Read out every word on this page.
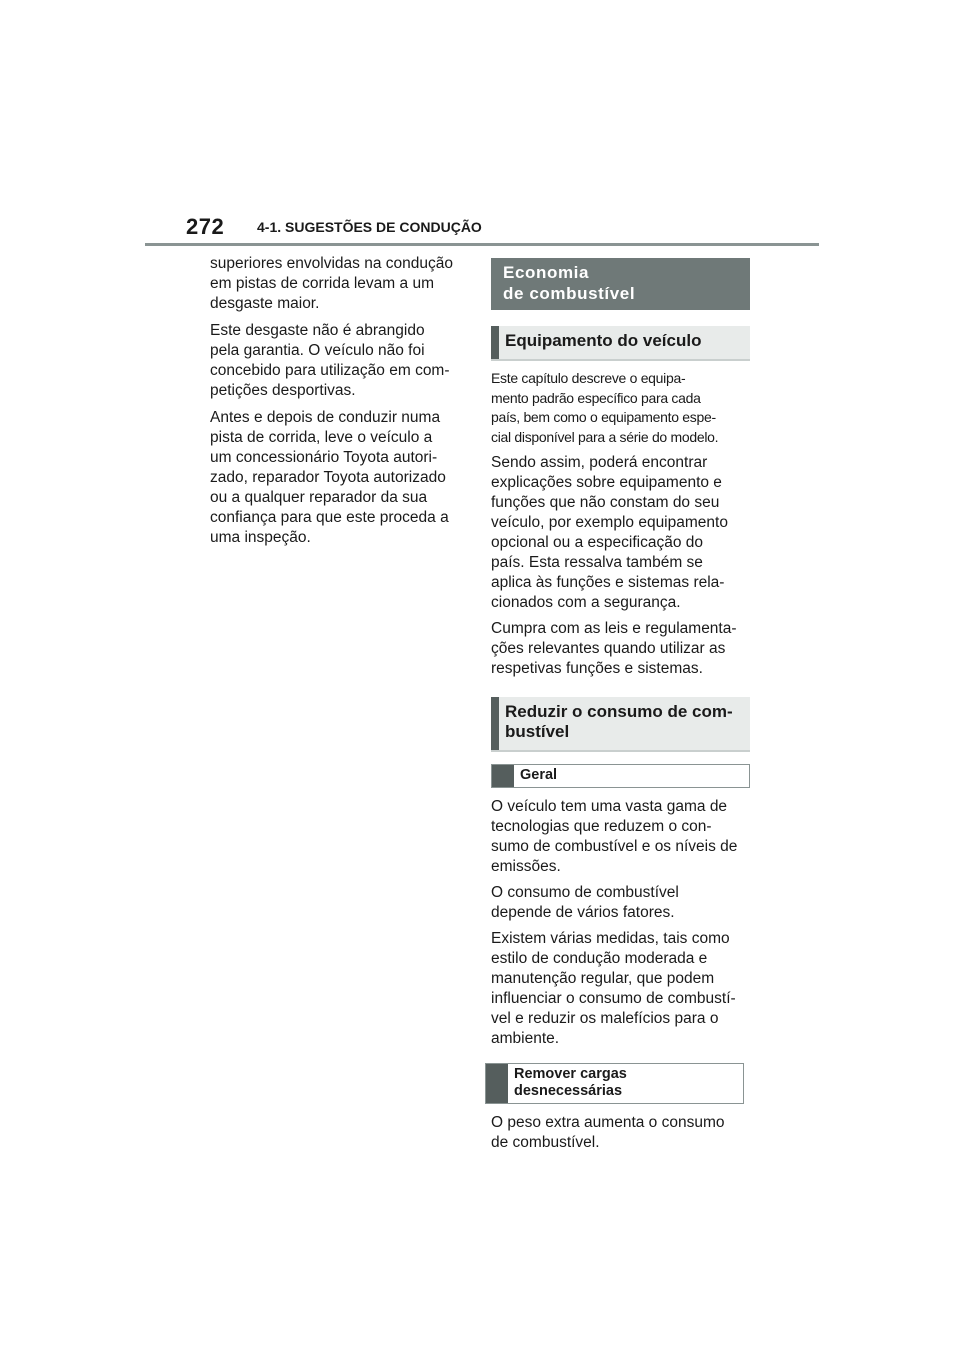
272 4-1. SUGESTÕES DE CONDUÇÃO

superiores envolvidas na condução
em pistas de corrida levam a um
desgaste maior.

Este desgaste não é abrangido
pela garantia. O veículo não foi
concebido para utilização em com-
petições desportivas.

Antes e depois de conduzir numa
pista de corrida, leve o veículo a
um concessionário Toyota autori-
zado, reparador Toyota autorizado
ou a qualquer reparador da sua
confiança para que este proceda a
uma inspeção.

Economia
de combustível
Equipamento do veículo

Este capítulo descreve o equipa-
mento padrão específico para cada
país, bem como o equipamento espe-
cial disponível para a série do modelo.

Sendo assim, poderá encontrar
explicações sobre equipamento e
funções que não constam do seu
veículo, por exemplo equipamento
opcional ou a especificação do
país. Esta ressalva também se
aplica às funções e sistemas rela-
cionados com a segurança.

Cumpra com as leis e regulamenta-
ções relevantes quando utilizar as
respetivas funções e sistemas.

Reduzir o consumo de com-
bustível
Geral

O veículo tem uma vasta gama de
tecnologias que reduzem o con-
sumo de combustível e os níveis de
emissões.

O consumo de combustível
depende de vários fatores.

Existem várias medidas, tais como
estilo de condução moderada e
manutenção regular, que podem
influenciar o consumo de combustí-
vel e reduzir os malefícios para o
ambiente.

Remover cargas
desnecessárias

O peso extra aumenta o consumo
de combustível.
